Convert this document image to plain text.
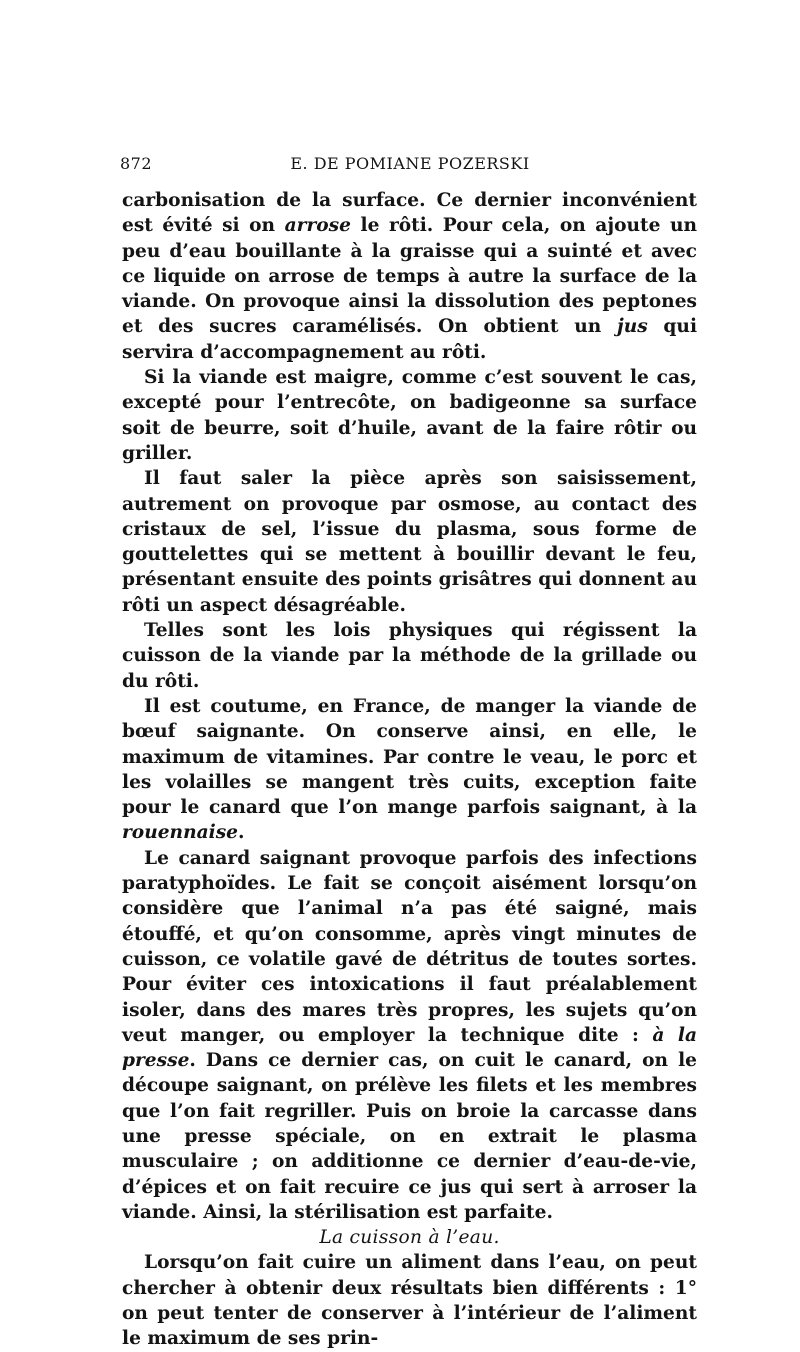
872	E. DE POMIANE POZERSKI

carbonisation de la surface. Ce dernier inconvénient est évité si on arrose le rôti. Pour cela, on ajoute un peu d’eau bouillante à la graisse qui a suinté et avec ce liquide on arrose de temps à autre la surface de la viande. On provoque ainsi la dissolution des peptones et des sucres caramélisés. On obtient un jus qui servira d’accompagnement au rôti.

Si la viande est maigre, comme c’est souvent le cas, excepté pour l’entrecôte, on badigeonne sa surface soit de beurre, soit d’huile, avant de la faire rôtir ou griller.

Il faut saler la pièce après son saisissement, autrement on provoque par osmose, au contact des cristaux de sel, l’issue du plasma, sous forme de gouttelettes qui se mettent à bouillir devant le feu, présentant ensuite des points grisâtres qui donnent au rôti un aspect désagréable.

Telles sont les lois physiques qui régissent la cuisson de la viande par la méthode de la grillade ou du rôti.

Il est coutume, en France, de manger la viande de bœuf saignante. On conserve ainsi, en elle, le maximum de vitamines. Par contre le veau, le porc et les volailles se mangent très cuits, exception faite pour le canard que l’on mange parfois saignant, à la rouennaise.

Le canard saignant provoque parfois des infections paratyphoïdes. Le fait se conçoit aisément lorsqu’on considère que l’animal n’a pas été saigné, mais étouffé, et qu’on consomme, après vingt minutes de cuisson, ce volatile gavé de détritus de toutes sortes. Pour éviter ces intoxications il faut préalablement isoler, dans des mares très propres, les sujets qu’on veut manger, ou employer la technique dite : à la presse. Dans ce dernier cas, on cuit le canard, on le découpe saignant, on prélève les filets et les membres que l’on fait regriller. Puis on broie la carcasse dans une presse spéciale, on en extrait le plasma musculaire ; on additionne ce dernier d’eau-de-vie, d’épices et on fait recuire ce jus qui sert à arroser la viande. Ainsi, la stérilisation est parfaite.

La cuisson à l’eau.

Lorsqu’on fait cuire un aliment dans l’eau, on peut chercher à obtenir deux résultats bien différents : 1° on peut tenter de conserver à l’intérieur de l’aliment le maximum de ses prin-
